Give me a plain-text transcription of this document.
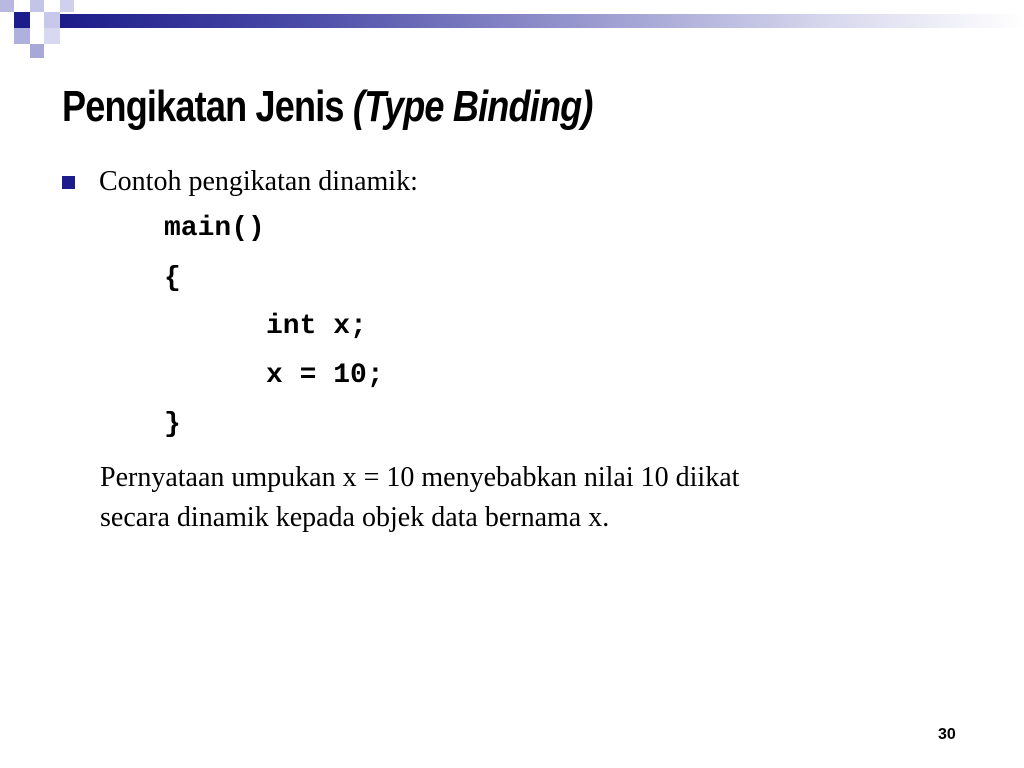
Pengikatan Jenis (Type Binding)
Contoh pengikatan dinamik:
main()
{
int x;
x = 10;
}
Pernyataan umpukan x = 10 menyebabkan nilai 10 diikat
secara dinamik kepada objek data bernama x.
30
